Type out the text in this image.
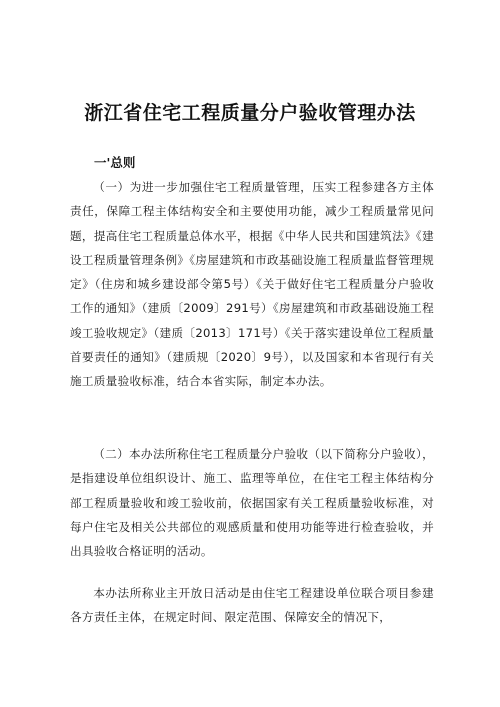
浙江省住宅工程质量分户验收管理办法
一'总则

（一）为进一步加强住宅工程质量管理，压实工程参建各方主体责任，保障工程主体结构安全和主要使用功能，减少工程质量常见问题，提高住宅工程质量总体水平，根据《中华人民共和国建筑法》《建设工程质量管理条例》《房屋建筑和市政基础设施工程质量监督管理规定》（住房和城乡建设部令第5号）《关于做好住宅工程质量分户验收工作的通知》（建质〔2009〕291号）《房屋建筑和市政基础设施工程竣工验收规定》（建质〔2013〕171号）《关于落实建设单位工程质量首要责任的通知》（建质规〔2020〕9号），以及国家和本省现行有关施工质量验收标准，结合本省实际，制定本办法。

（二）本办法所称住宅工程质量分户验收（以下简称分户验收），是指建设单位组织设计、施工、监理等单位，在住宅工程主体结构分部工程质量验收和竣工验收前，依据国家有关工程质量验收标准，对每户住宅及相关公共部位的观感质量和使用功能等进行检查验收，并出具验收合格证明的活动。

本办法所称业主开放日活动是由住宅工程建设单位联合项目参建各方责任主体，在规定时间、限定范围、保障安全的情况下，
